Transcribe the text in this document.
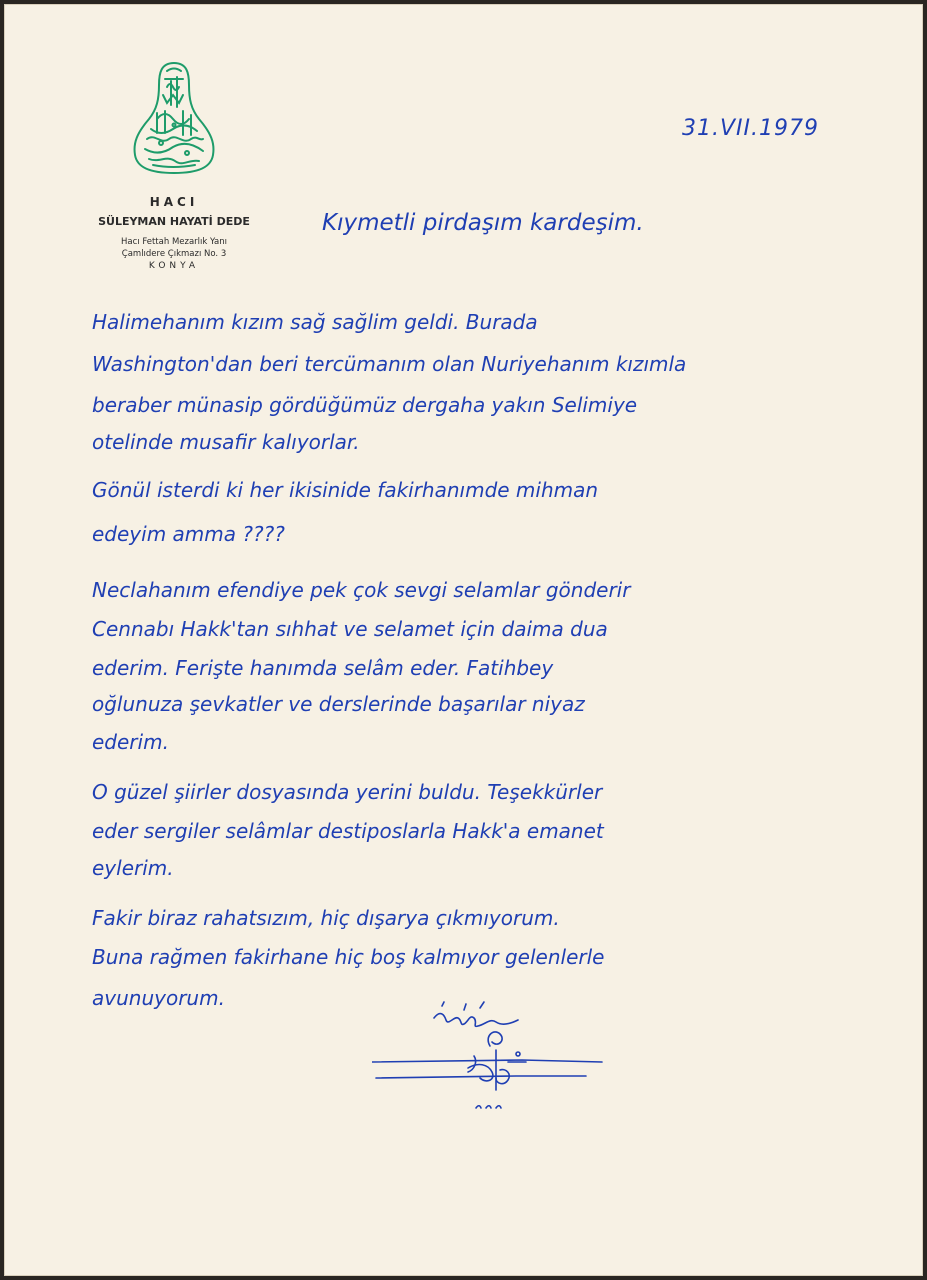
HACI
SÜLEYMAN HAYATİ DEDE
Hacı Fettah Mezarlık Yanı
Çamlıdere Çıkmazı No. 3
KONYA
31.VII.1979
Kıymetli pirdaşım kardeşim.
Halimehanım kızım sağ sağlim geldi. Burada
Washington'dan beri tercümanım olan Nuriyehanım kızımla
beraber münasip gördüğümüz dergaha yakın Selimiye
otelinde musafir kalıyorlar.
Gönül isterdi ki her ikisinide fakirhanımde mihman
edeyim amma ????
Neclahanım efendiye pek çok sevgi selamlar gönderir
Cennabı Hakk'tan sıhhat ve selamet için daima dua
ederim. Ferişte hanımda selâm eder. Fatihbey
oğlunuza şevkatler ve derslerinde başarılar niyaz
ederim.
O güzel şiirler dosyasında yerini buldu. Teşekkürler
eder sergiler selâmlar destiposlarla Hakk'a emanet
eylerim.
Fakir biraz rahatsızım, hiç dışarya çıkmıyorum.
Buna rağmen fakirhane hiç boş kalmıyor gelenlerle
avunuyorum.
